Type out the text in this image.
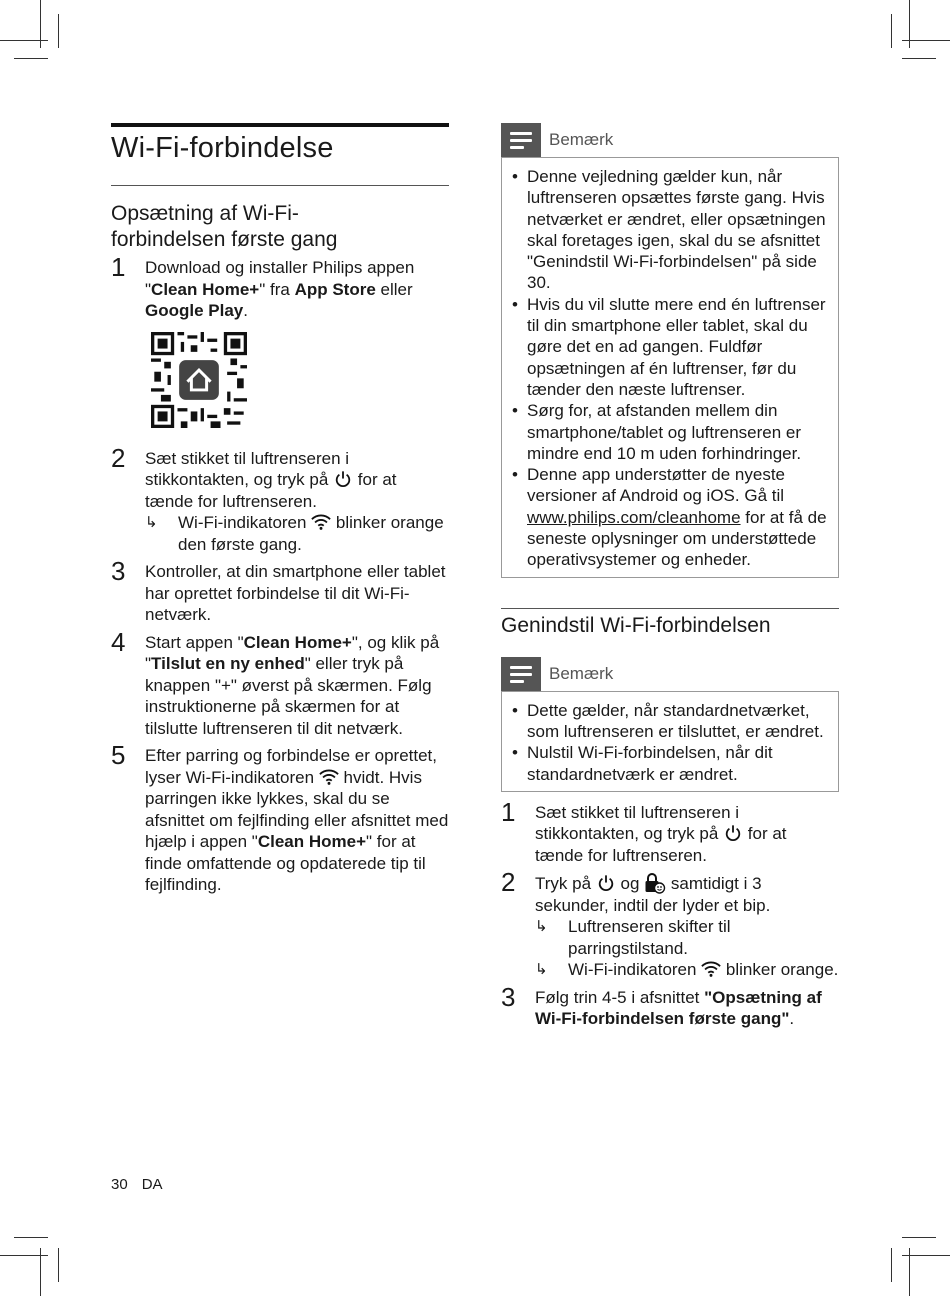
Wi-Fi-forbindelse
Opsætning af Wi-Fi-forbindelsen første gang
1 Download og installer Philips appen "Clean Home+" fra App Store eller Google Play.
2 Sæt stikket til luftrenseren i stikkontakten, og tryk på  for at tænde for luftrenseren.
↳ Wi-Fi-indikatoren  blinker orange den første gang.
3 Kontroller, at din smartphone eller tablet har oprettet forbindelse til dit Wi-Fi-netværk.
4 Start appen "Clean Home+", og klik på "Tilslut en ny enhed" eller tryk på knappen "+" øverst på skærmen. Følg instruktionerne på skærmen for at tilslutte luftrenseren til dit netværk.
5 Efter parring og forbindelse er oprettet, lyser Wi-Fi-indikatoren  hvidt. Hvis parringen ikke lykkes, skal du se afsnittet om fejlfinding eller afsnittet med hjælp i appen "Clean Home+" for at finde omfattende og opdaterede tip til fejlfinding.
Bemærk
• Denne vejledning gælder kun, når luftrenseren opsættes første gang. Hvis netværket er ændret, eller opsætningen skal foretages igen, skal du se afsnittet "Genindstil Wi-Fi-forbindelsen" på side 30.
• Hvis du vil slutte mere end én luftrenser til din smartphone eller tablet, skal du gøre det en ad gangen. Fuldfør opsætningen af én luftrenser, før du tænder den næste luftrenser.
• Sørg for, at afstanden mellem din smartphone/tablet og luftrenseren er mindre end 10 m uden forhindringer.
• Denne app understøtter de nyeste versioner af Android og iOS. Gå til www.philips.com/cleanhome for at få de seneste oplysninger om understøttede operativsystemer og enheder.
Genindstil Wi-Fi-forbindelsen
Bemærk
• Dette gælder, når standardnetværket, som luftrenseren er tilsluttet, er ændret.
• Nulstil Wi-Fi-forbindelsen, når dit standardnetværk er ændret.
1 Sæt stikket til luftrenseren i stikkontakten, og tryk på  for at tænde for luftrenseren.
2 Tryk på  og  samtidigt i 3 sekunder, indtil der lyder et bip.
↳ Luftrenseren skifter til parringstilstand.
↳ Wi-Fi-indikatoren  blinker orange.
3 Følg trin 4-5 i afsnittet "Opsætning af Wi-Fi-forbindelsen første gang".
30 DA
